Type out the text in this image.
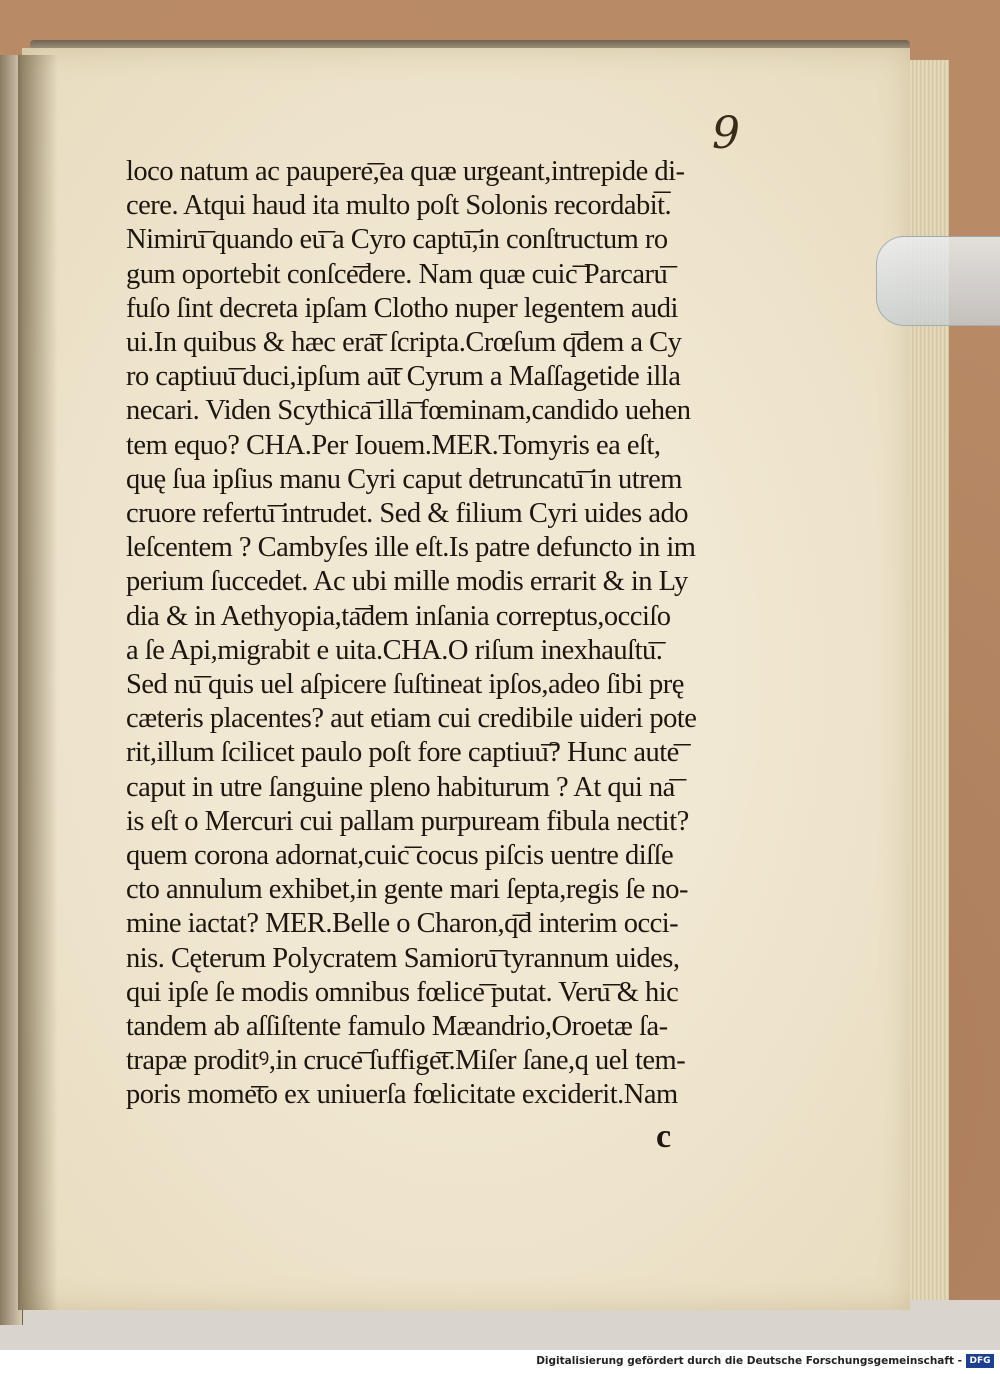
9
loco natum ac paupere͞,ea quæ urgeant,intrepide di-
cere. Atqui haud ita multo poſt Solonis recordabi͞t.
Nimiru͞ quando eu͞ a Cyro captu͞,in conſtructum ro
gum oportebit conſce͞dere. Nam quæ cuic͞ Parcaru͞
fuſo ſint decreta ipſam Clotho nuper legentem audi
ui.In quibus & hæc era͞t ſcripta.Crœſum q͞dem a Cy
ro captiuu͞ duci,ipſum au͞t Cyrum a Maſſagetide illa
necari. Viden Scythica͞ illa͞ fœminam,candido uehen
tem equo? CHA.Per Iouem.MER.Tomyris ea eſt,
quę ſua ipſius manu Cyri caput detruncatu͞ in utrem
cruore refertu͞ intrudet. Sed & filium Cyri uides ado
leſcentem ? Cambyſes ille eſt.Is patre defuncto in im
perium ſuccedet. Ac ubi mille modis errarit & in Ly
dia & in Aethyopia,ta͞dem inſania correptus,occiſo
a ſe Api,migrabit e uita.CHA.O riſum inexhauſtu͞.
Sed nu͞ quis uel aſpicere ſuſtineat ipſos,adeo ſibi prę
cæteris placentes? aut etiam cui credibile uideri pote
rit,illum ſcilicet paulo poſt fore captiuu͞? Hunc aute͞
caput in utre ſanguine pleno habiturum ? At qui na͞
is eſt o Mercuri cui pallam purpuream fibula nectit?
quem corona adornat,cuic͞ cocus piſcis uentre diſſe
cto annulum exhibet,in gente mari ſepta,regis ſe no-
mine iactat? MER.Belle o Charon,q͞d interim occi-
nis. Cęterum Polycratem Samioru͞ tyrannum uides,
qui ipſe ſe modis omnibus fœlice͞ putat. Veru͞ & hic
tandem ab aſſiſtente famulo Mæandrio,Oroetæ ſa-
trapæ proditꝰ,in cruce͞ ſuffige͞t.Miſer ſane,q uel tem-
poris mome͞to ex uniuerſa fœlicitate exciderit.Nam
c
Digitalisierung gefördert durch die Deutsche Forschungsgemeinschaft - DFG
